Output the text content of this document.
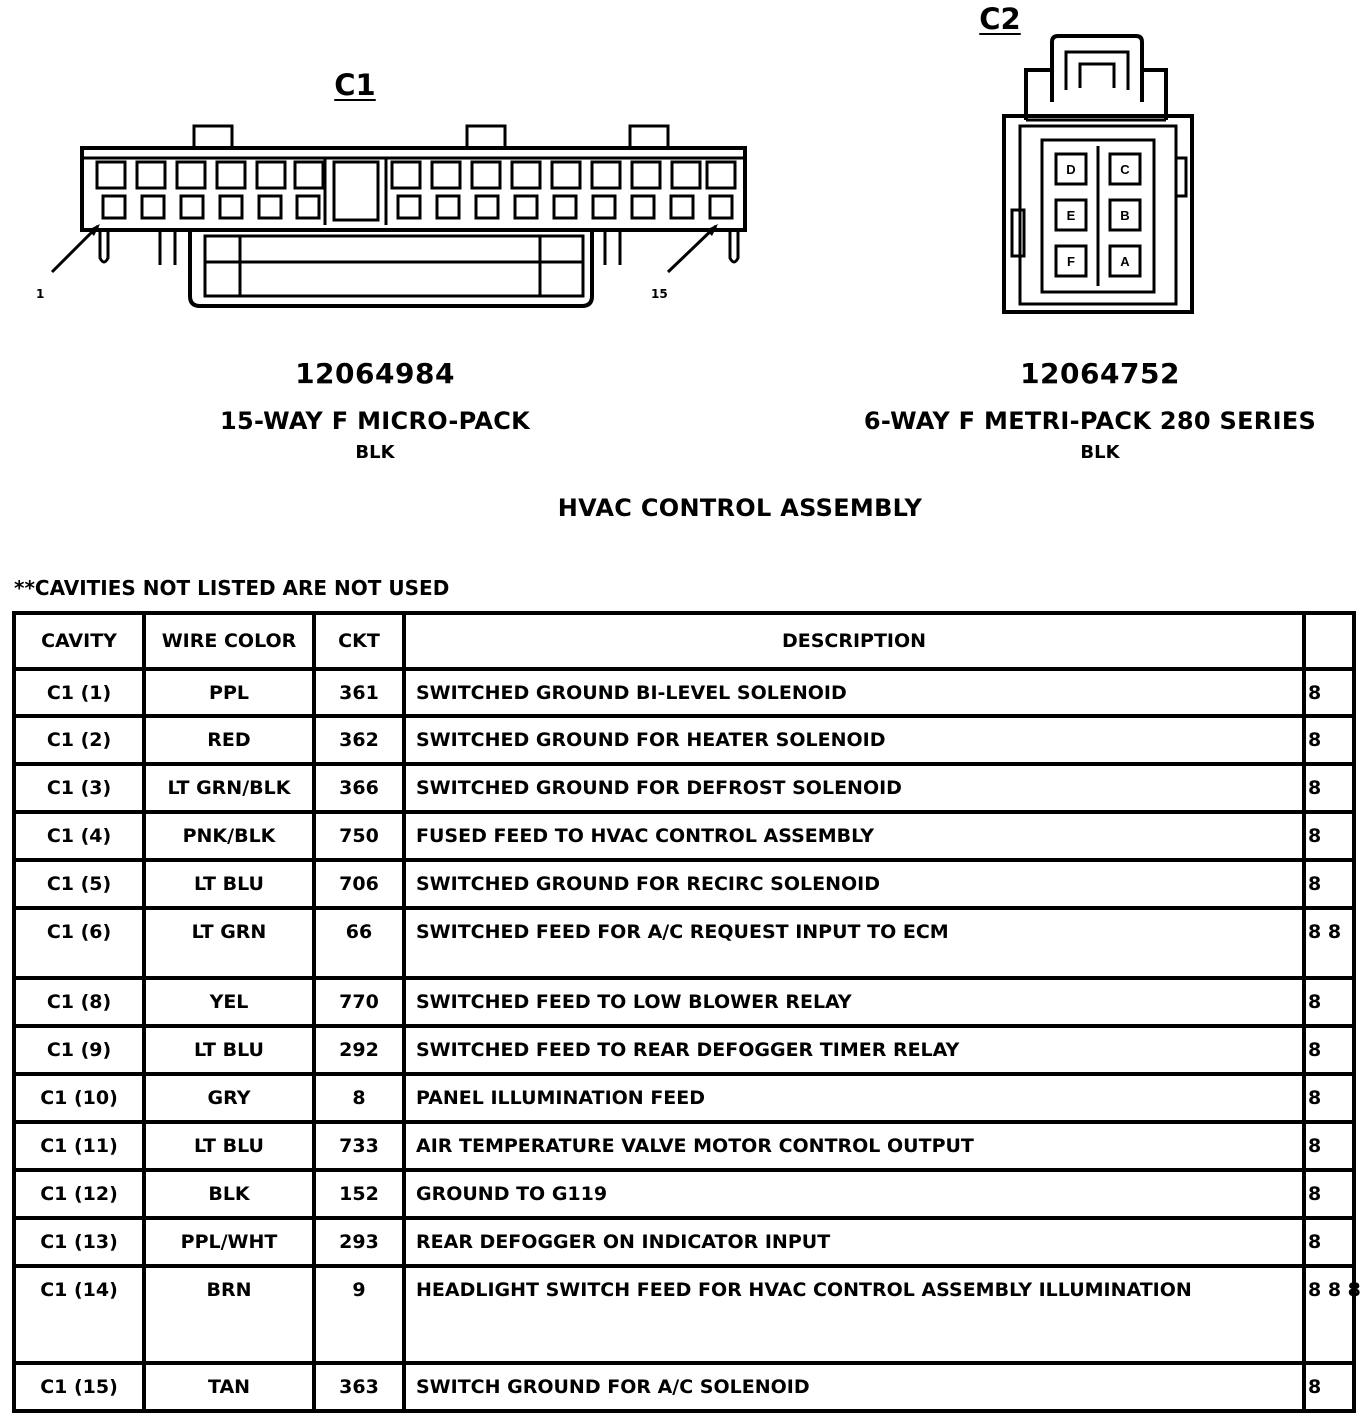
C1
1	15
12064984
15-WAY F MICRO-PACK
BLK
C2
D	C
E	B
F	A
12064752
6-WAY F METRI-PACK 280 SERIES
BLK
HVAC CONTROL ASSEMBLY
**CAVITIES NOT LISTED ARE NOT USED
CAVITY	WIRE COLOR	CKT	DESCRIPTION	
C1 (1)	PPL	361	SWITCHED GROUND BI-LEVEL SOLENOID	8
C1 (2)	RED	362	SWITCHED GROUND FOR HEATER SOLENOID	8
C1 (3)	LT GRN/BLK	366	SWITCHED GROUND FOR DEFROST SOLENOID	8
C1 (4)	PNK/BLK	750	FUSED FEED TO HVAC CONTROL ASSEMBLY	8
C1 (5)	LT BLU	706	SWITCHED GROUND FOR RECIRC SOLENOID	8
C1 (6)	LT GRN	66	SWITCHED FEED FOR A/C REQUEST INPUT TO ECM	8 8
C1 (8)	YEL	770	SWITCHED FEED TO LOW BLOWER RELAY	8
C1 (9)	LT BLU	292	SWITCHED FEED TO REAR DEFOGGER TIMER RELAY	8
C1 (10)	GRY	8	PANEL ILLUMINATION FEED	8
C1 (11)	LT BLU	733	AIR TEMPERATURE VALVE MOTOR CONTROL OUTPUT	8
C1 (12)	BLK	152	GROUND TO G119	8
C1 (13)	PPL/WHT	293	REAR DEFOGGER ON INDICATOR INPUT	8
C1 (14)	BRN	9	HEADLIGHT SWITCH FEED FOR HVAC CONTROL ASSEMBLY ILLUMINATION	8 8 8
C1 (15)	TAN	363	SWITCH GROUND FOR A/C SOLENOID	8
